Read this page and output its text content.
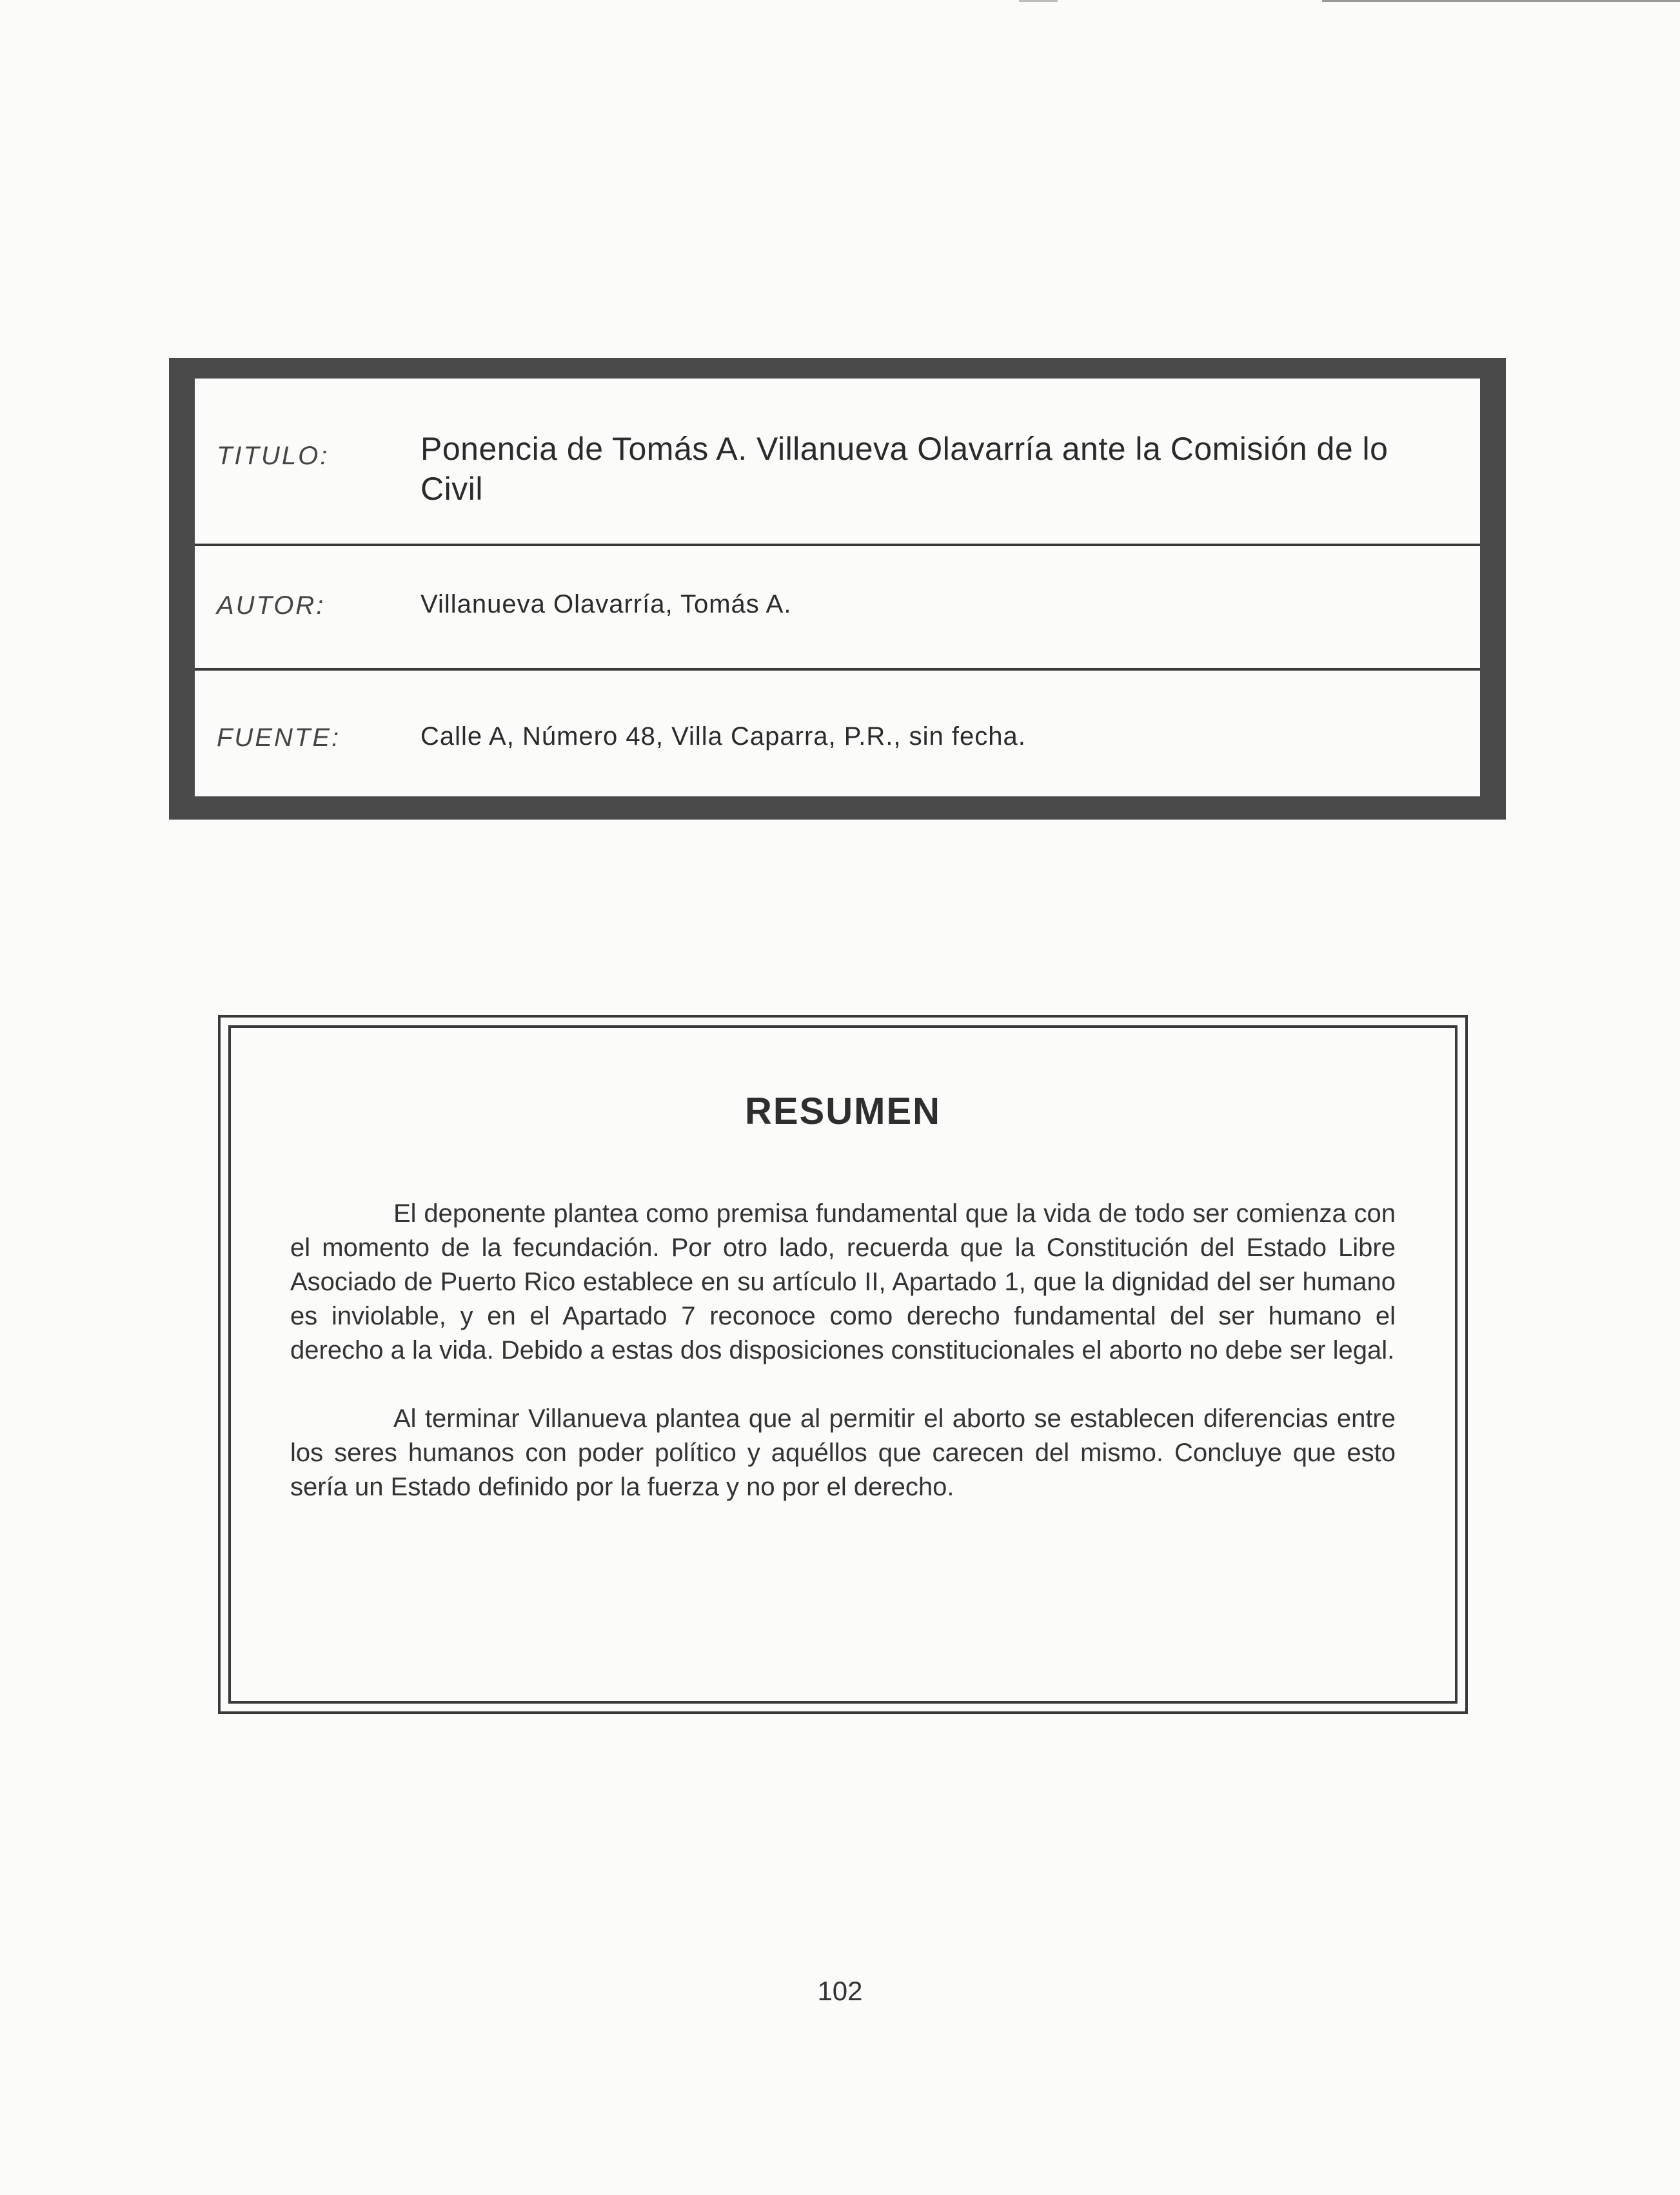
TITULO:	Ponencia de Tomás A. Villanueva Olavarría ante la Comisión de lo Civil
AUTOR:	Villanueva Olavarría, Tomás A.
FUENTE:	Calle A, Número 48, Villa Caparra, P.R., sin fecha.
RESUMEN

El deponente plantea como premisa fundamental que la vida de todo ser comienza con el momento de la fecundación. Por otro lado, recuerda que la Constitución del Estado Libre Asociado de Puerto Rico establece en su artículo II, Apartado 1, que la dignidad del ser humano es inviolable, y en el Apartado 7 reconoce como derecho fundamental del ser humano el derecho a la vida. Debido a estas dos disposiciones constitucionales el aborto no debe ser legal.

Al terminar Villanueva plantea que al permitir el aborto se establecen diferencias entre los seres humanos con poder político y aquéllos que carecen del mismo. Concluye que esto sería un Estado definido por la fuerza y no por el derecho.

102
